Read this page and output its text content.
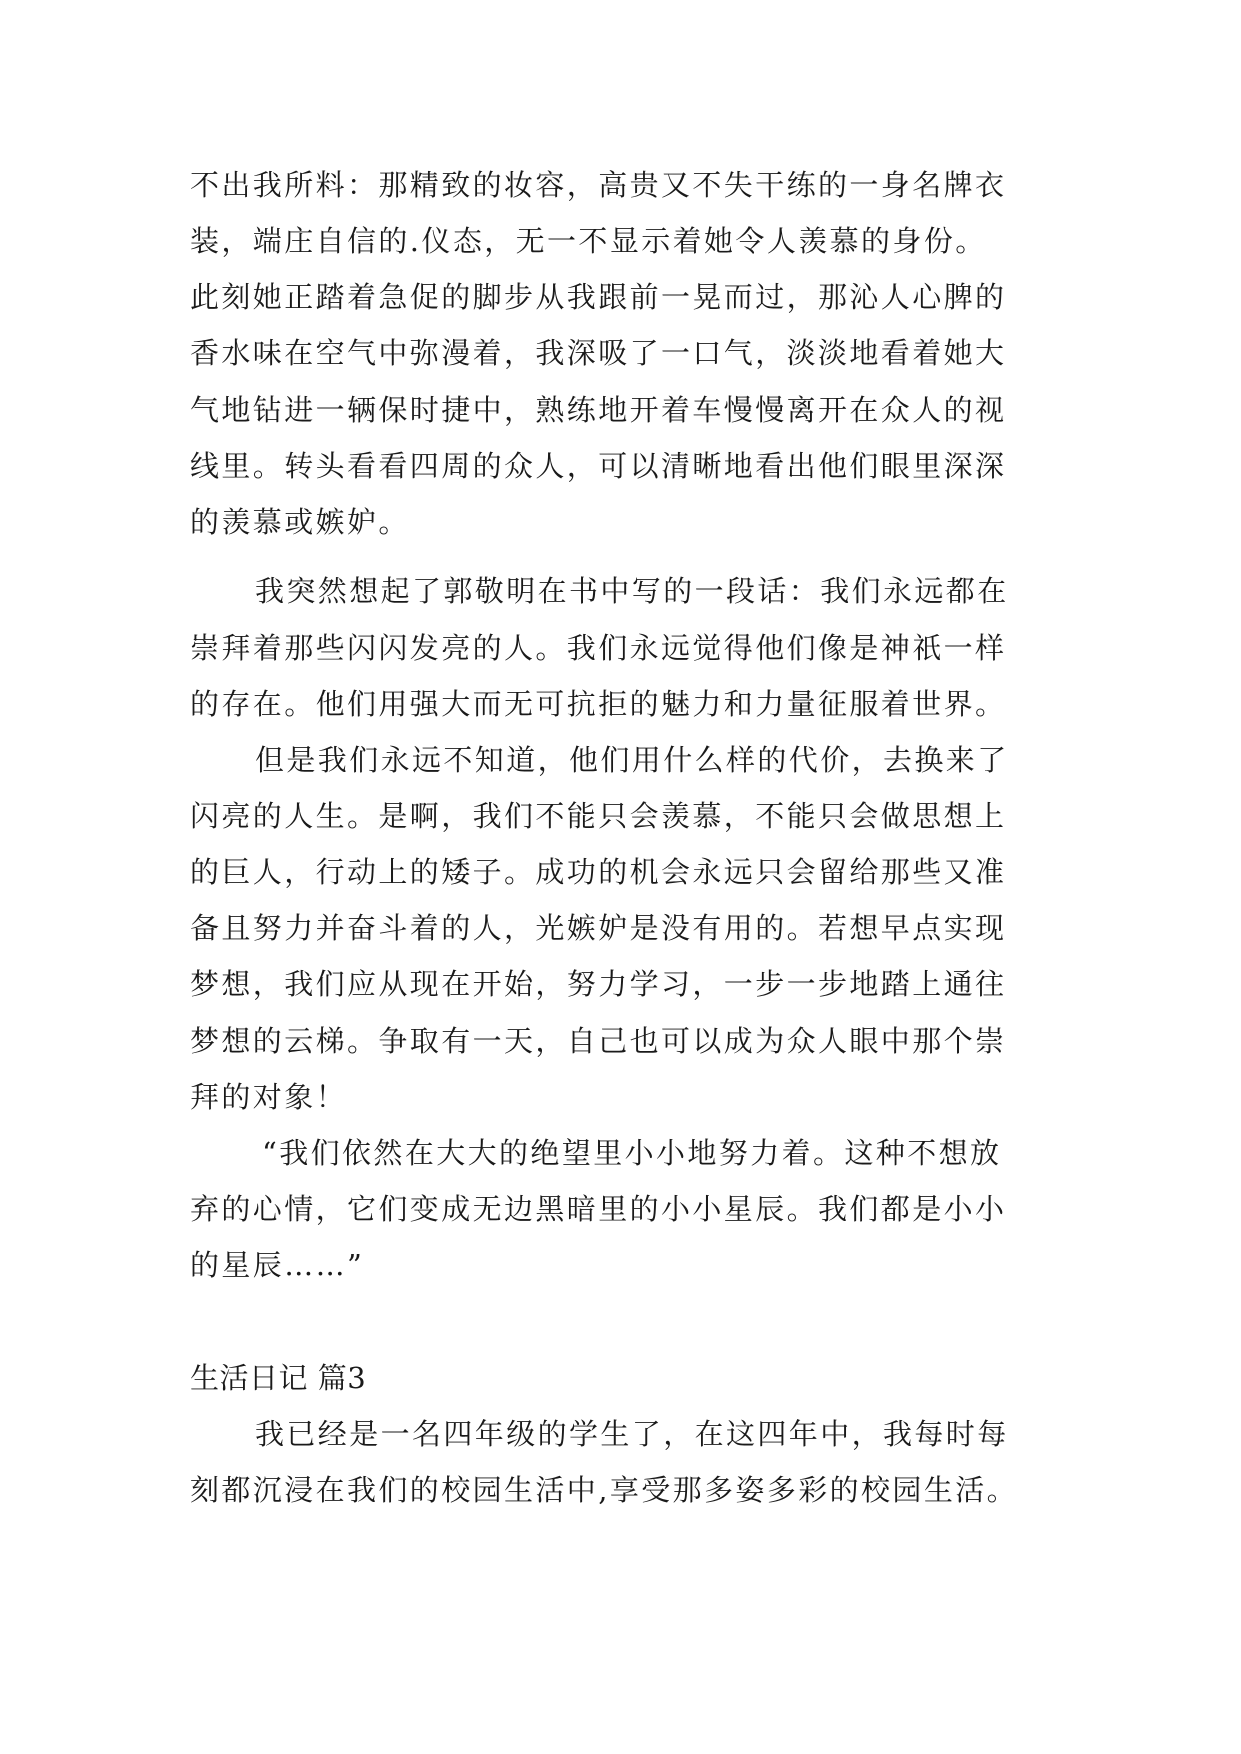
不出我所料：那精致的妆容，高贵又不失干练的一身名牌衣
装，端庄自信的.仪态，无一不显示着她令人羡慕的身份。
此刻她正踏着急促的脚步从我跟前一晃而过，那沁人心脾的
香水味在空气中弥漫着，我深吸了一口气，淡淡地看着她大
气地钻进一辆保时捷中，熟练地开着车慢慢离开在众人的视
线里。转头看看四周的众人，可以清晰地看出他们眼里深深
的羡慕或嫉妒。
我突然想起了郭敬明在书中写的一段话：我们永远都在
崇拜着那些闪闪发亮的人。我们永远觉得他们像是神祇一样
的存在。他们用强大而无可抗拒的魅力和力量征服着世界。
但是我们永远不知道，他们用什么样的代价，去换来了
闪亮的人生。是啊，我们不能只会羡慕，不能只会做思想上
的巨人，行动上的矮子。成功的机会永远只会留给那些又准
备且努力并奋斗着的人，光嫉妒是没有用的。若想早点实现
梦想，我们应从现在开始，努力学习，一步一步地踏上通往
梦想的云梯。争取有一天，自己也可以成为众人眼中那个崇
拜的对象！
“我们依然在大大的绝望里小小地努力着。这种不想放
弃的心情，它们变成无边黑暗里的小小星辰。我们都是小小
的星辰……”
生活日记 篇3
我已经是一名四年级的学生了，在这四年中，我每时每
刻都沉浸在我们的校园生活中,享受那多姿多彩的校园生活。
